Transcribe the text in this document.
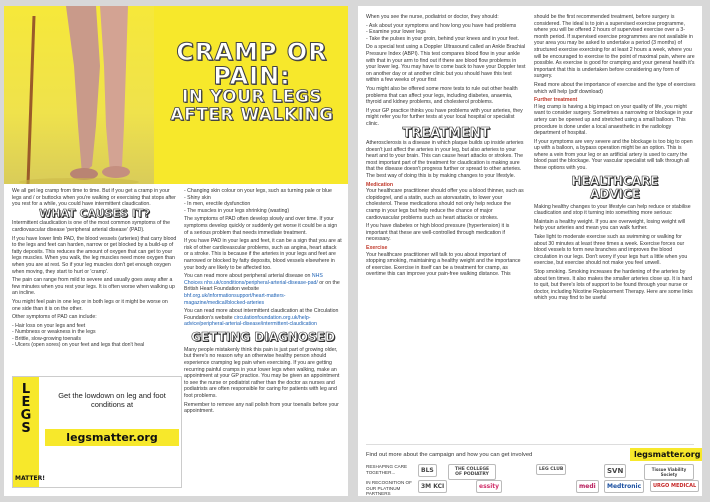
CRAMP OR
PAIN:
IN YOUR LEGS
AFTER WALKING

We all get leg cramp from time to time. But if you get a cramp in your legs and / or buttocks when you're walking or exercising that stops after you rest for a while, you could have intermittent claudication.

WHAT CAUSES IT?

Intermittent claudication is one of the most common symptoms of the cardiovascular disease 'peripheral arterial disease' (PAD).

If you have lower limb PAD, the blood vessels (arteries) that carry blood to the legs and feet can harden, narrow or get blocked by a build-up of fatty deposits. This reduces the amount of oxygen that can get to your legs muscles. When you walk, the leg muscles need more oxygen than when you are at rest. So if your leg muscles don't get enough oxygen when moving, they start to hurt or 'cramp'.

The pain can range from mild to severe and usually goes away after a few minutes when you rest your legs. It is often worse when walking up an incline.

You might feel pain in one leg or in both legs or it might be worse on one side than it is on the other.

Other symptoms of PAD can include:

- Hair loss on your legs and feet
- Numbness or weakness in the legs
- Brittle, slow-growing toenails
- Ulcers (open sores) on your feet and legs that don't heal
L
E
G
S
MATTER!
Get the lowdown on leg and foot conditions at
legsmatter.org
- Changing skin colour on your legs, such as turning pale or blue
- Shiny skin
- In men, erectile dysfunction
- The muscles in your legs shrinking (wasting)

The symptoms of PAD often develop slowly and over time. If your symptoms develop quickly or suddenly get worse it could be a sign of a serious problem that needs immediate treatment.

If you have PAD in your legs and feet, it can be a sign that you are at risk of other cardiovascular problems, such as angina, heart attack or a stroke. This is because if the arteries in your legs and feet are narrowed or blocked by fatty deposits, blood vessels elsewhere in your body are likely to be affected too.

You can read more about peripheral arterial disease on NHS Choices nhs.uk/conditions/peripheral-arterial-disease-pad/ or on the British Heart Foundation website bhf.org.uk/informationsupport/heart-matters-magazine/medical/blocked-arteries

You can read more about intermittent claudication at the Circulation Foundation's website circulationfoundation.org.uk/help-advice/peripheral-arterial-disease/intermittent-claudication

GETTING DIAGNOSED

Many people mistakenly think this pain is just part of growing older, but there's no reason why an otherwise healthy person should experience cramping leg pain when exercising. If you are getting recurring painful cramps in your lower legs when walking, make an appointment at your GP practice. You may be given an appointment to see the nurse or podiatrist rather than the doctor as nurses and podiatrists are often responsible for caring for patients with leg and foot problems.

Remember to remove any nail polish from your toenails before your appointment.

When you see the nurse, podiatrist or doctor, they should:

- Ask about your symptoms and how long you have had problems
- Examine your lower legs
- Take the pulses in your groin, behind your knees and in your feet.

Do a special test using a Doppler Ultrasound called an Ankle Brachial Pressure Index (ABPI). This test compares blood flow in your ankle with that in your arm to find out if there are blood flow problems in your lower leg. You may have to come back to have your Doppler test on another day or at another clinic but you should have this test within a few weeks of your first

You might also be offered some more tests to rule out other health problems that can affect your legs, including diabetes, anaemia, thyroid and kidney problems, and cholesterol problems.

If your GP practice thinks you have problems with your arteries, they might refer you for further tests at your local hospital or specialist clinic.

TREATMENT

Atherosclerosis is a disease in which plaque builds up inside arteries doesn't just affect the arteries in your leg, but also arteries to your heart and to your brain. This can cause heart attacks or strokes. The most important part of the treatment for claudication is making sure that the disease doesn't progress further or spread to other arteries. The best way of doing this is by making changes to your lifestyle.

Medication

Your healthcare practitioner should offer you a blood thinner, such as clopidogrel, and a statin, such as atorvastatin, to lower your cholesterol. These medications should not only help reduce the cramp in your legs but help reduce the chance of major cardiovascular problems such as heart attacks or strokes.

If you have diabetes or high blood pressure (hypertension) it is important that these are well-controlled through medication if necessary.

Exercise

Your healthcare practitioner will talk to you about important of stopping smoking, maintaining a healthy weight and the importance of exercise. Exercise in itself can be a treatment for cramp, as overtime this can improve your pain-free walking distance. This

should be the first recommended treatment, before surgery is considered. The ideal is to join a supervised exercise programme, where you will be offered 2 hours of supervised exercise over a 3-month period. If supervised exercise programmes are not available in your area you may be asked to undertake a period (3 months) of structured exercise exercising for at least 2 hours a week, where you will be encouraged to exercise to the point of maximal pain, where are possible. As exercise is good for cramping and your general health it's important that this is undertaken before considering any form of surgery.

Read more about the importance of exercise and the type of exercises which will help (pdf download)

Further treatment

If leg cramp is having a big impact on your quality of life, you might want to consider surgery. Sometimes a narrowing or blockage in your artery can be opened up and stretched using a small balloon. This procedure is done under a local anaesthetic in the radiology department of hospital.

If your symptoms are very severe and the blockage is too big to open up with a balloon, a bypass operation might be an option. This is where a vein from your leg or an artificial artery is used to carry the blood past the blockage. Your vascular specialist will talk through all these options with you.

HEALTHCARE
ADVICE

Making healthy changes to your lifestyle can help reduce or stabilise claudication and stop it turning into something more serious:

Maintain a healthy weight. If you are overweight, losing weight will help your arteries and mean you can walk further.

Take light to moderate exercise such as swimming or walking for about 30 minutes at least three times a week. Exercise forces our blood vessels to form new branches and improves the blood circulation in our legs. Don't worry if your legs hurt a little when you exercise, but exercise should not make you feel unwell.

Stop smoking. Smoking increases the hardening of the arteries by about ten times. It also makes the smaller arteries close up. It is hard to quit, but there's lots of support to be found through your nurse or doctor, including Nicotine Replacement Therapy. Here are some links which you may find to be useful

Find out more about the campaign and how you can get involved	legsmatter.org
RESHAPING CARE TOGETHER...	BLS	THE COLLEGE OF PODIATRY
LEG CLUB	SVN	Tissue Viability Society
IN RECOGNITION OF OUR PLATINUM PARTNERS
3M KCI	essity	medi	Medtronic	URGO MEDICAL
